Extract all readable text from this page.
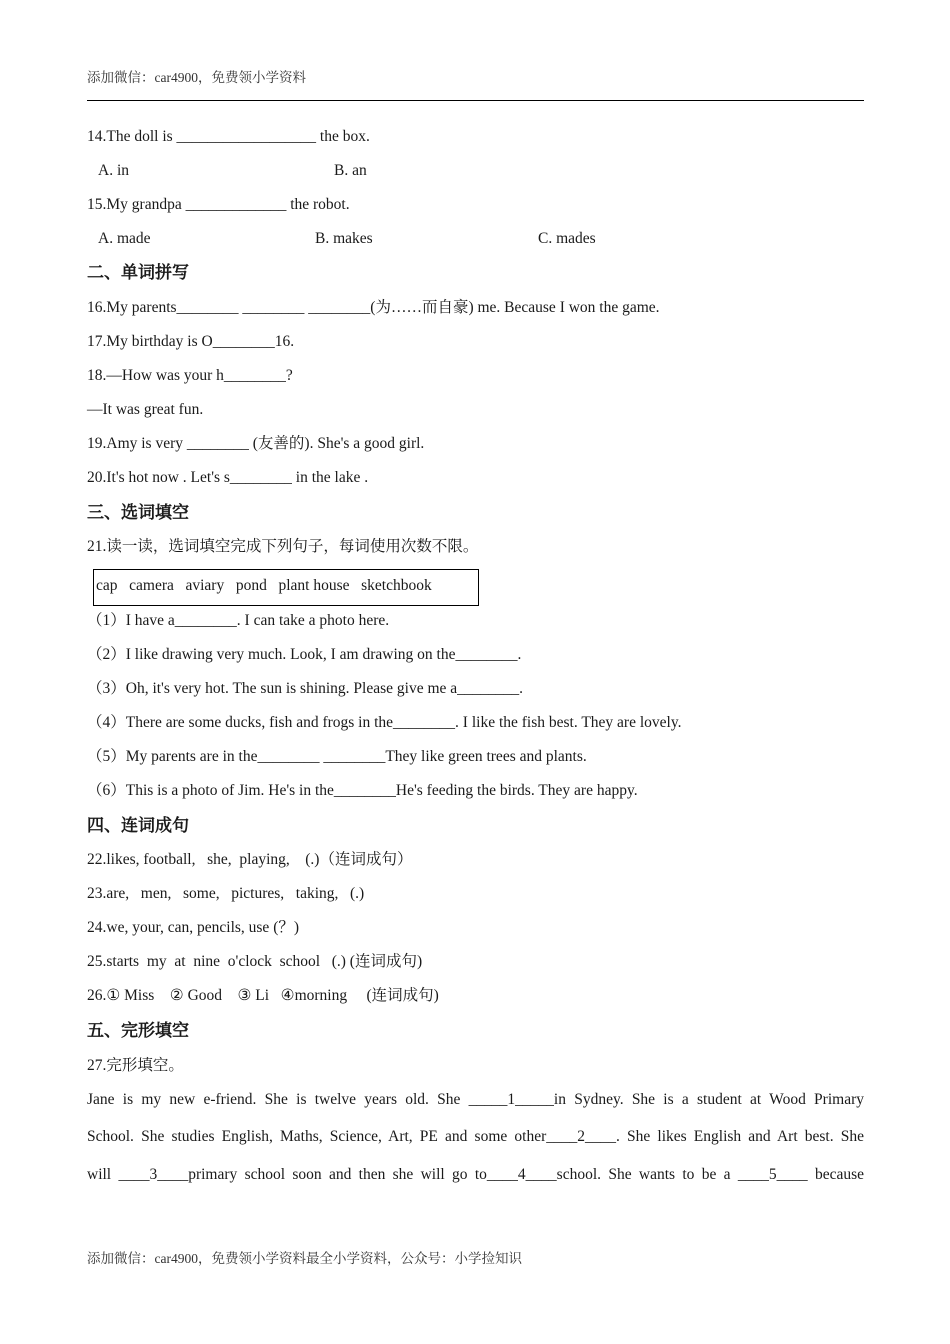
添加微信：car4900，免费领小学资料
14.The doll is __________________ the box.
A. in	B. an
15.My grandpa _____________ the robot.
A. made	B. makes	C. mades
二、单词拼写
16.My parents________ ________ ________(为……而自豪) me. Because I won the game.
17.My birthday is O________16.
18.—How was your h________?
—It was great fun.
19.Amy is very ________ (友善的). She's a good girl.
20.It's hot now . Let's s________ in the lake .
三、选词填空
21.读一读，选词填空完成下列句子，每词使用次数不限。
cap   camera   aviary   pond   plant house   sketchbook
（1）I have a________. I can take a photo here.
（2）I like drawing very much. Look, I am drawing on the________.
（3）Oh, it's very hot. The sun is shining. Please give me a________.
（4）There are some ducks, fish and frogs in the________. I like the fish best. They are lovely.
（5）My parents are in the________ ________They like green trees and plants.
（6）This is a photo of Jim. He's in the________He's feeding the birds. They are happy.
四、连词成句
22.likes, football,   she,  playing,    (.)（连词成句）
23.are,   men,   some,   pictures,   taking,   (.)
24.we, your, can, pencils, use (？)
25.starts  my  at  nine  o'clock  school   (.) (连词成句)
26.① Miss    ② Good    ③ Li   ④morning     (连词成句)
五、完形填空
27.完形填空。
Jane is my new e-friend. She is twelve years old. She _____1_____in Sydney. She is a student at Wood Primary
School. She studies English, Maths, Science, Art, PE and some other____2____. She likes English and Art best. She
will ____3____primary school soon and then she will go to____4____school. She wants to be a ____5____ because
添加微信：car4900，免费领小学资料最全小学资料，公众号：小学捡知识
